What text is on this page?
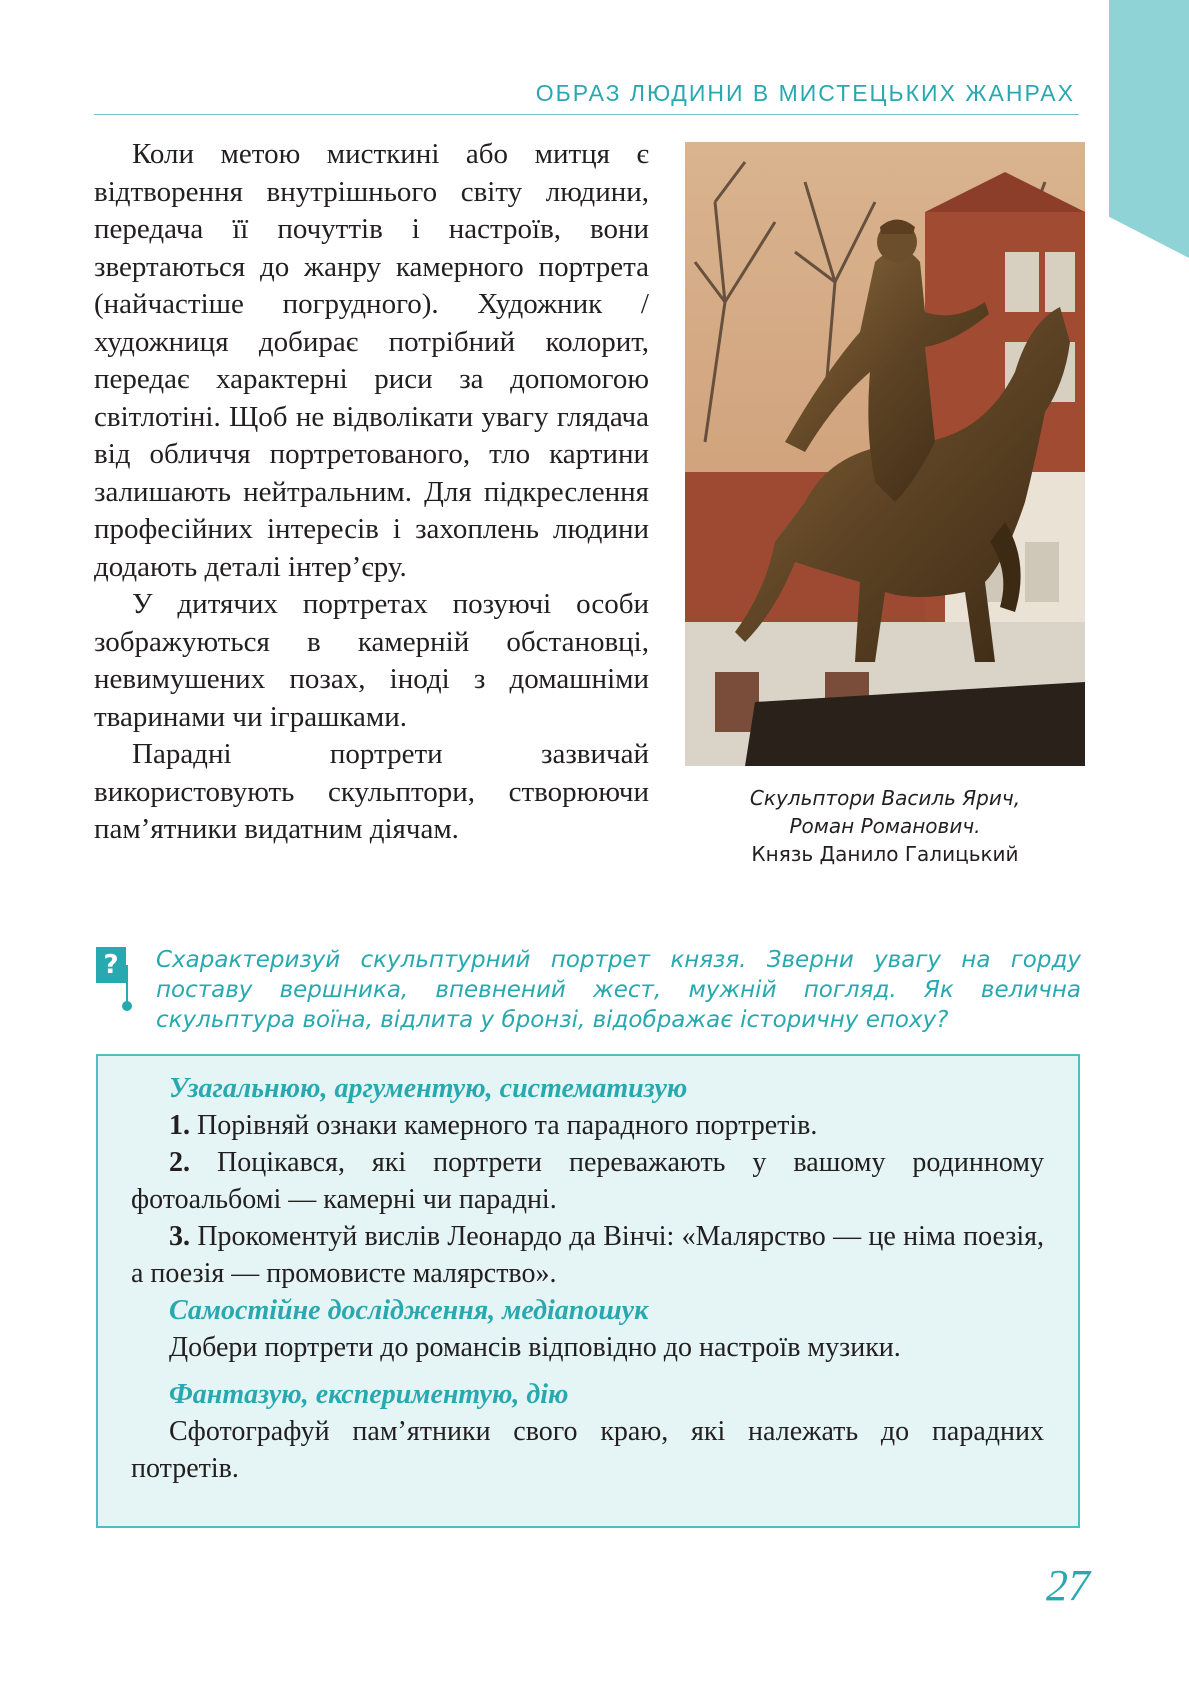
ОБРАЗ ЛЮДИНИ В МИСТЕЦЬКИХ ЖАНРАХ

Коли метою мисткині або митця є відтворення внутрішнього світу людини, передача її почуттів і настроїв, вони звертаються до жанру камерного портрета (найчастіше погрудного). Художник / художниця добирає потрібний колорит, передає характерні риси за допомогою світлотіні. Щоб не відволікати увагу глядача від обличчя портретованого, тло картини залишають нейтральним. Для підкреслення професійних інтересів і захоплень людини додають деталі інтер’єру.

У дитячих портретах позуючі особи зображуються в камерній обстановці, невимушених позах, іноді з домашніми тваринами чи іграшками.

Парадні портрети зазвичай використовують скульптори, створюючи пам’ятники видатним діячам.

Скульптори Василь Ярич,
Роман Романович.
Князь Данило Галицький
?	Схарактеризуй скульптурний портрет князя. Зверни увагу на горду поставу вершника, впевнений жест, мужній погляд. Як велична скульптура воїна, відлита у бронзі, відображає історичну епоху?

Узагальнюю, аргументую, систематизую

1. Порівняй ознаки камерного та парадного портретів.

2. Поцікався, які портрети переважають у вашому родинному фотоальбомі — камерні чи парадні.

3. Прокоментуй вислів Леонардо да Вінчі: «Малярство — це німа поезія, а поезія — промовисте малярство».

Самостійне дослідження, медіапошук

Добери портрети до романсів відповідно до настроїв музики.

Фантазую, експериментую, дію

Сфотографуй пам’ятники свого краю, які належать до парадних потретів.

27
